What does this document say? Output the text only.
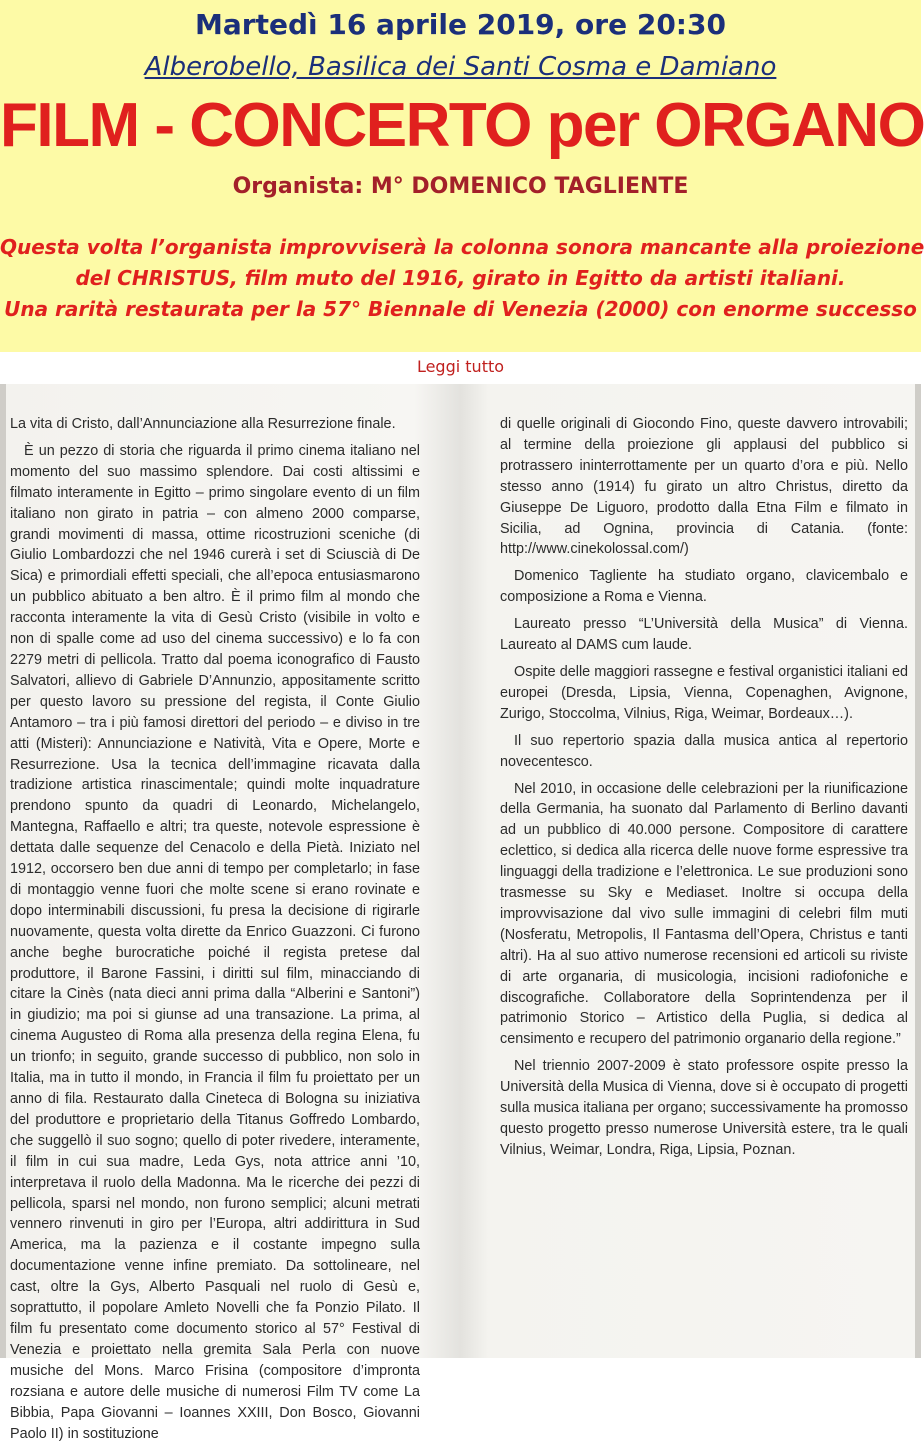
Martedì 16 aprile 2019, ore 20:30
Alberobello, Basilica dei Santi Cosma e Damiano
FILM - CONCERTO per ORGANO
Organista: M° DOMENICO TAGLIENTE
Questa volta l’organista improvviserà la colonna sonora mancante alla proiezione
del CHRISTUS, film muto del 1916, girato in Egitto da artisti italiani.
Una rarità restaurata per la 57° Biennale di Venezia (2000) con enorme successo
Leggi tutto

La vita di Cristo, dall’Annunciazione alla Resurrezione finale.

È un pezzo di storia che riguarda il primo cinema italiano nel momento del suo massimo splendore. Dai costi altissimi e filmato interamente in Egitto – primo singolare evento di un film italiano non girato in patria – con almeno 2000 comparse, grandi movimenti di massa, ottime ricostruzioni sceniche (di Giulio Lombardozzi che nel 1946 curerà i set di Sciuscià di De Sica) e primordiali effetti speciali, che all’epoca entusiasmarono un pubblico abituato a ben altro. È il primo film al mondo che racconta interamente la vita di Gesù Cristo (visibile in volto e non di spalle come ad uso del cinema successivo) e lo fa con 2279 metri di pellicola. Tratto dal poema iconografico di Fausto Salvatori, allievo di Gabriele D’Annunzio, appositamente scritto per questo lavoro su pressione del regista, il Conte Giulio Antamoro – tra i più famosi direttori del periodo – e diviso in tre atti (Misteri): Annunciazione e Natività, Vita e Opere, Morte e Resurrezione. Usa la tecnica dell’immagine ricavata dalla tradizione artistica rinascimentale; quindi molte inquadrature prendono spunto da quadri di Leonardo, Michelangelo, Mantegna, Raffaello e altri; tra queste, notevole espressione è dettata dalle sequenze del Cenacolo e della Pietà. Iniziato nel 1912, occorsero ben due anni di tempo per completarlo; in fase di montaggio venne fuori che molte scene si erano rovinate e dopo interminabili discussioni, fu presa la decisione di rigirarle nuovamente, questa volta dirette da Enrico Guazzoni. Ci furono anche beghe burocratiche poiché il regista pretese dal produttore, il Barone Fassini, i diritti sul film, minacciando di citare la Cinès (nata dieci anni prima dalla “Alberini e Santoni”) in giudizio; ma poi si giunse ad una transazione. La prima, al cinema Augusteo di Roma alla presenza della regina Elena, fu un trionfo; in seguito, grande successo di pubblico, non solo in Italia, ma in tutto il mondo, in Francia il film fu proiettato per un anno di fila. Restaurato dalla Cineteca di Bologna su iniziativa del produttore e proprietario della Titanus Goffredo Lombardo, che suggellò il suo sogno; quello di poter rivedere, interamente, il film in cui sua madre, Leda Gys, nota attrice anni ’10, interpretava il ruolo della Madonna. Ma le ricerche dei pezzi di pellicola, sparsi nel mondo, non furono semplici; alcuni metrati vennero rinvenuti in giro per l’Europa, altri addirittura in Sud America, ma la pazienza e il costante impegno sulla documentazione venne infine premiato. Da sottolineare, nel cast, oltre la Gys, Alberto Pasquali nel ruolo di Gesù e, soprattutto, il popolare Amleto Novelli che fa Ponzio Pilato. Il film fu presentato come documento storico al 57° Festival di Venezia e proiettato nella gremita Sala Perla con nuove musiche del Mons. Marco Frisina (compositore d’impronta rozsiana e autore delle musiche di numerosi Film TV come La Bibbia, Papa Giovanni – Ioannes XXIII, Don Bosco, Giovanni Paolo II) in sostituzione

di quelle originali di Giocondo Fino, queste davvero introvabili; al termine della proiezione gli applausi del pubblico si protrassero ininterrottamente per un quarto d’ora e più. Nello stesso anno (1914) fu girato un altro Christus, diretto da Giuseppe De Liguoro, prodotto dalla Etna Film e filmato in Sicilia, ad Ognina, provincia di Catania. (fonte: http://www.cinekolossal.com/)

Domenico Tagliente ha studiato organo, clavicembalo e composizione a Roma e Vienna.

Laureato presso “L’Università della Musica” di Vienna. Laureato al DAMS cum laude.

Ospite delle maggiori rassegne e festival organistici italiani ed europei (Dresda, Lipsia, Vienna, Copenaghen, Avignone, Zurigo, Stoccolma, Vilnius, Riga, Weimar, Bordeaux…).

Il suo repertorio spazia dalla musica antica al repertorio novecentesco.

Nel 2010, in occasione delle celebrazioni per la riunificazione della Germania, ha suonato dal Parlamento di Berlino davanti ad un pubblico di 40.000 persone. Compositore di carattere eclettico, si dedica alla ricerca delle nuove forme espressive tra linguaggi della tradizione e l’elettronica. Le sue produzioni sono trasmesse su Sky e Mediaset. Inoltre si occupa della improvvisazione dal vivo sulle immagini di celebri film muti (Nosferatu, Metropolis, Il Fantasma dell’Opera, Christus e tanti altri). Ha al suo attivo numerose recensioni ed articoli su riviste di arte organaria, di musicologia, incisioni radiofoniche e discografiche. Collaboratore della Soprintendenza per il patrimonio Storico – Artistico della Puglia, si dedica al censimento e recupero del patrimonio organario della regione.”

Nel triennio 2007-2009 è stato professore ospite presso la Università della Musica di Vienna, dove si è occupato di progetti sulla musica italiana per organo; successivamente ha promosso questo progetto presso numerose Università estere, tra le quali Vilnius, Weimar, Londra, Riga, Lipsia, Poznan.
